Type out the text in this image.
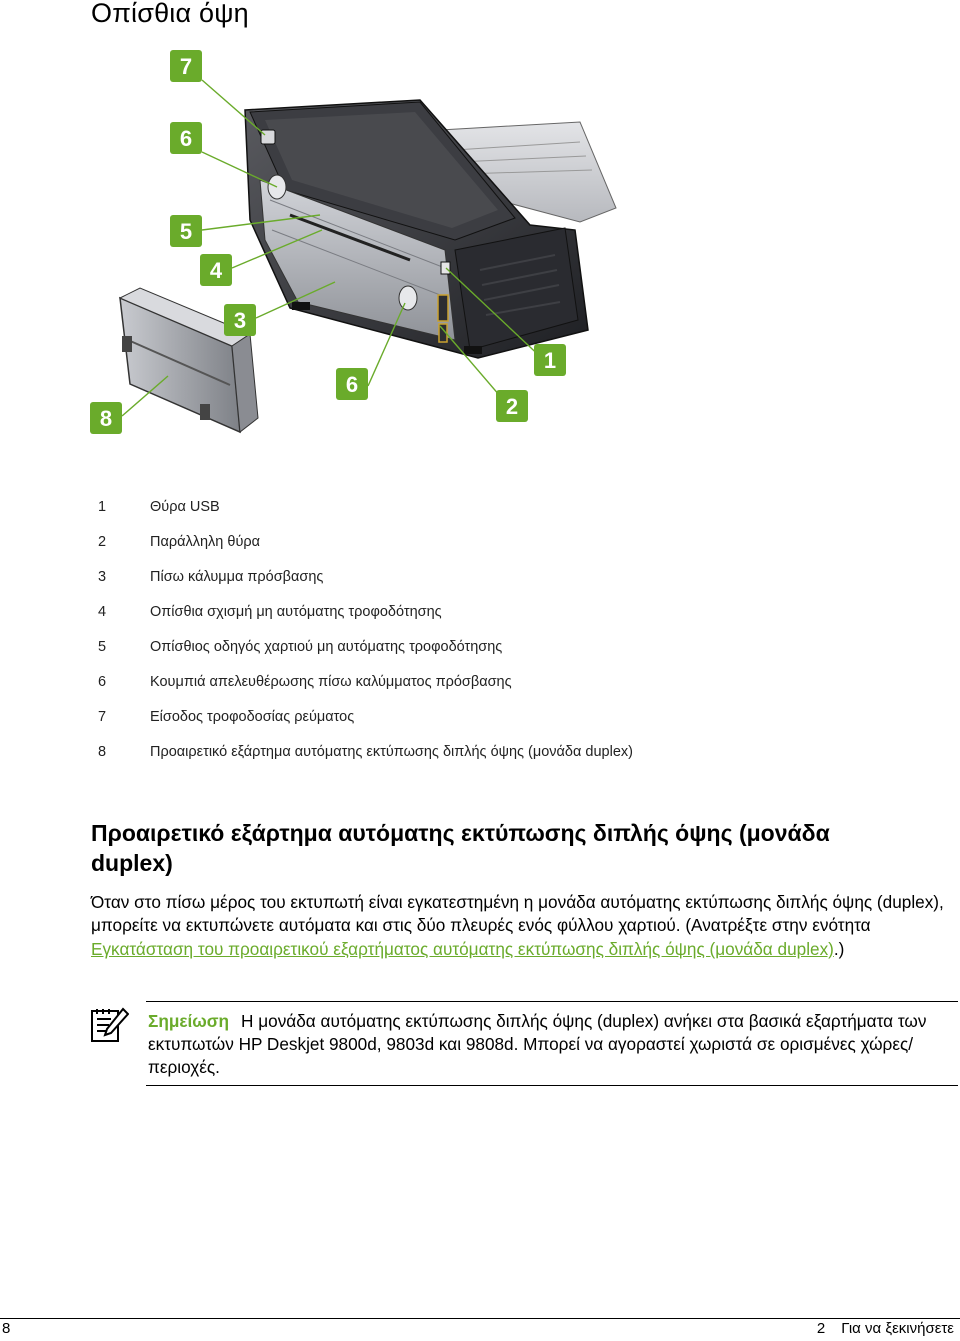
Οπίσθια όψη
7
6
5
4
3
6
2
1
8
1	Θύρα USB
2	Παράλληλη θύρα
3	Πίσω κάλυμμα πρόσβασης
4	Οπίσθια σχισμή μη αυτόματης τροφοδότησης
5	Οπίσθιος οδηγός χαρτιού μη αυτόματης τροφοδότησης
6	Κουμπιά απελευθέρωσης πίσω καλύμματος πρόσβασης
7	Είσοδος τροφοδοσίας ρεύματος
8	Προαιρετικό εξάρτημα αυτόματης εκτύπωσης διπλής όψης (μονάδα duplex)
Προαιρετικό εξάρτημα αυτόματης εκτύπωσης διπλής όψης (μονάδα duplex)

Όταν στο πίσω μέρος του εκτυπωτή είναι εγκατεστημένη η μονάδα αυτόματης εκτύπωσης διπλής όψης (duplex), μπορείτε να εκτυπώνετε αυτόματα και στις δύο πλευρές ενός φύλλου χαρτιού. (Ανατρέξτε στην ενότητα Εγκατάσταση του προαιρετικού εξαρτήματος αυτόματης εκτύπωσης διπλής όψης (μονάδα duplex).)

Σημείωση Η μονάδα αυτόματης εκτύπωσης διπλής όψης (duplex) ανήκει στα βασικά εξαρτήματα των εκτυπωτών HP Deskjet 9800d, 9803d και 9808d. Μπορεί να αγοραστεί χωριστά σε ορισμένες χώρες/περιοχές.

8	2 Για να ξεκινήσετε
